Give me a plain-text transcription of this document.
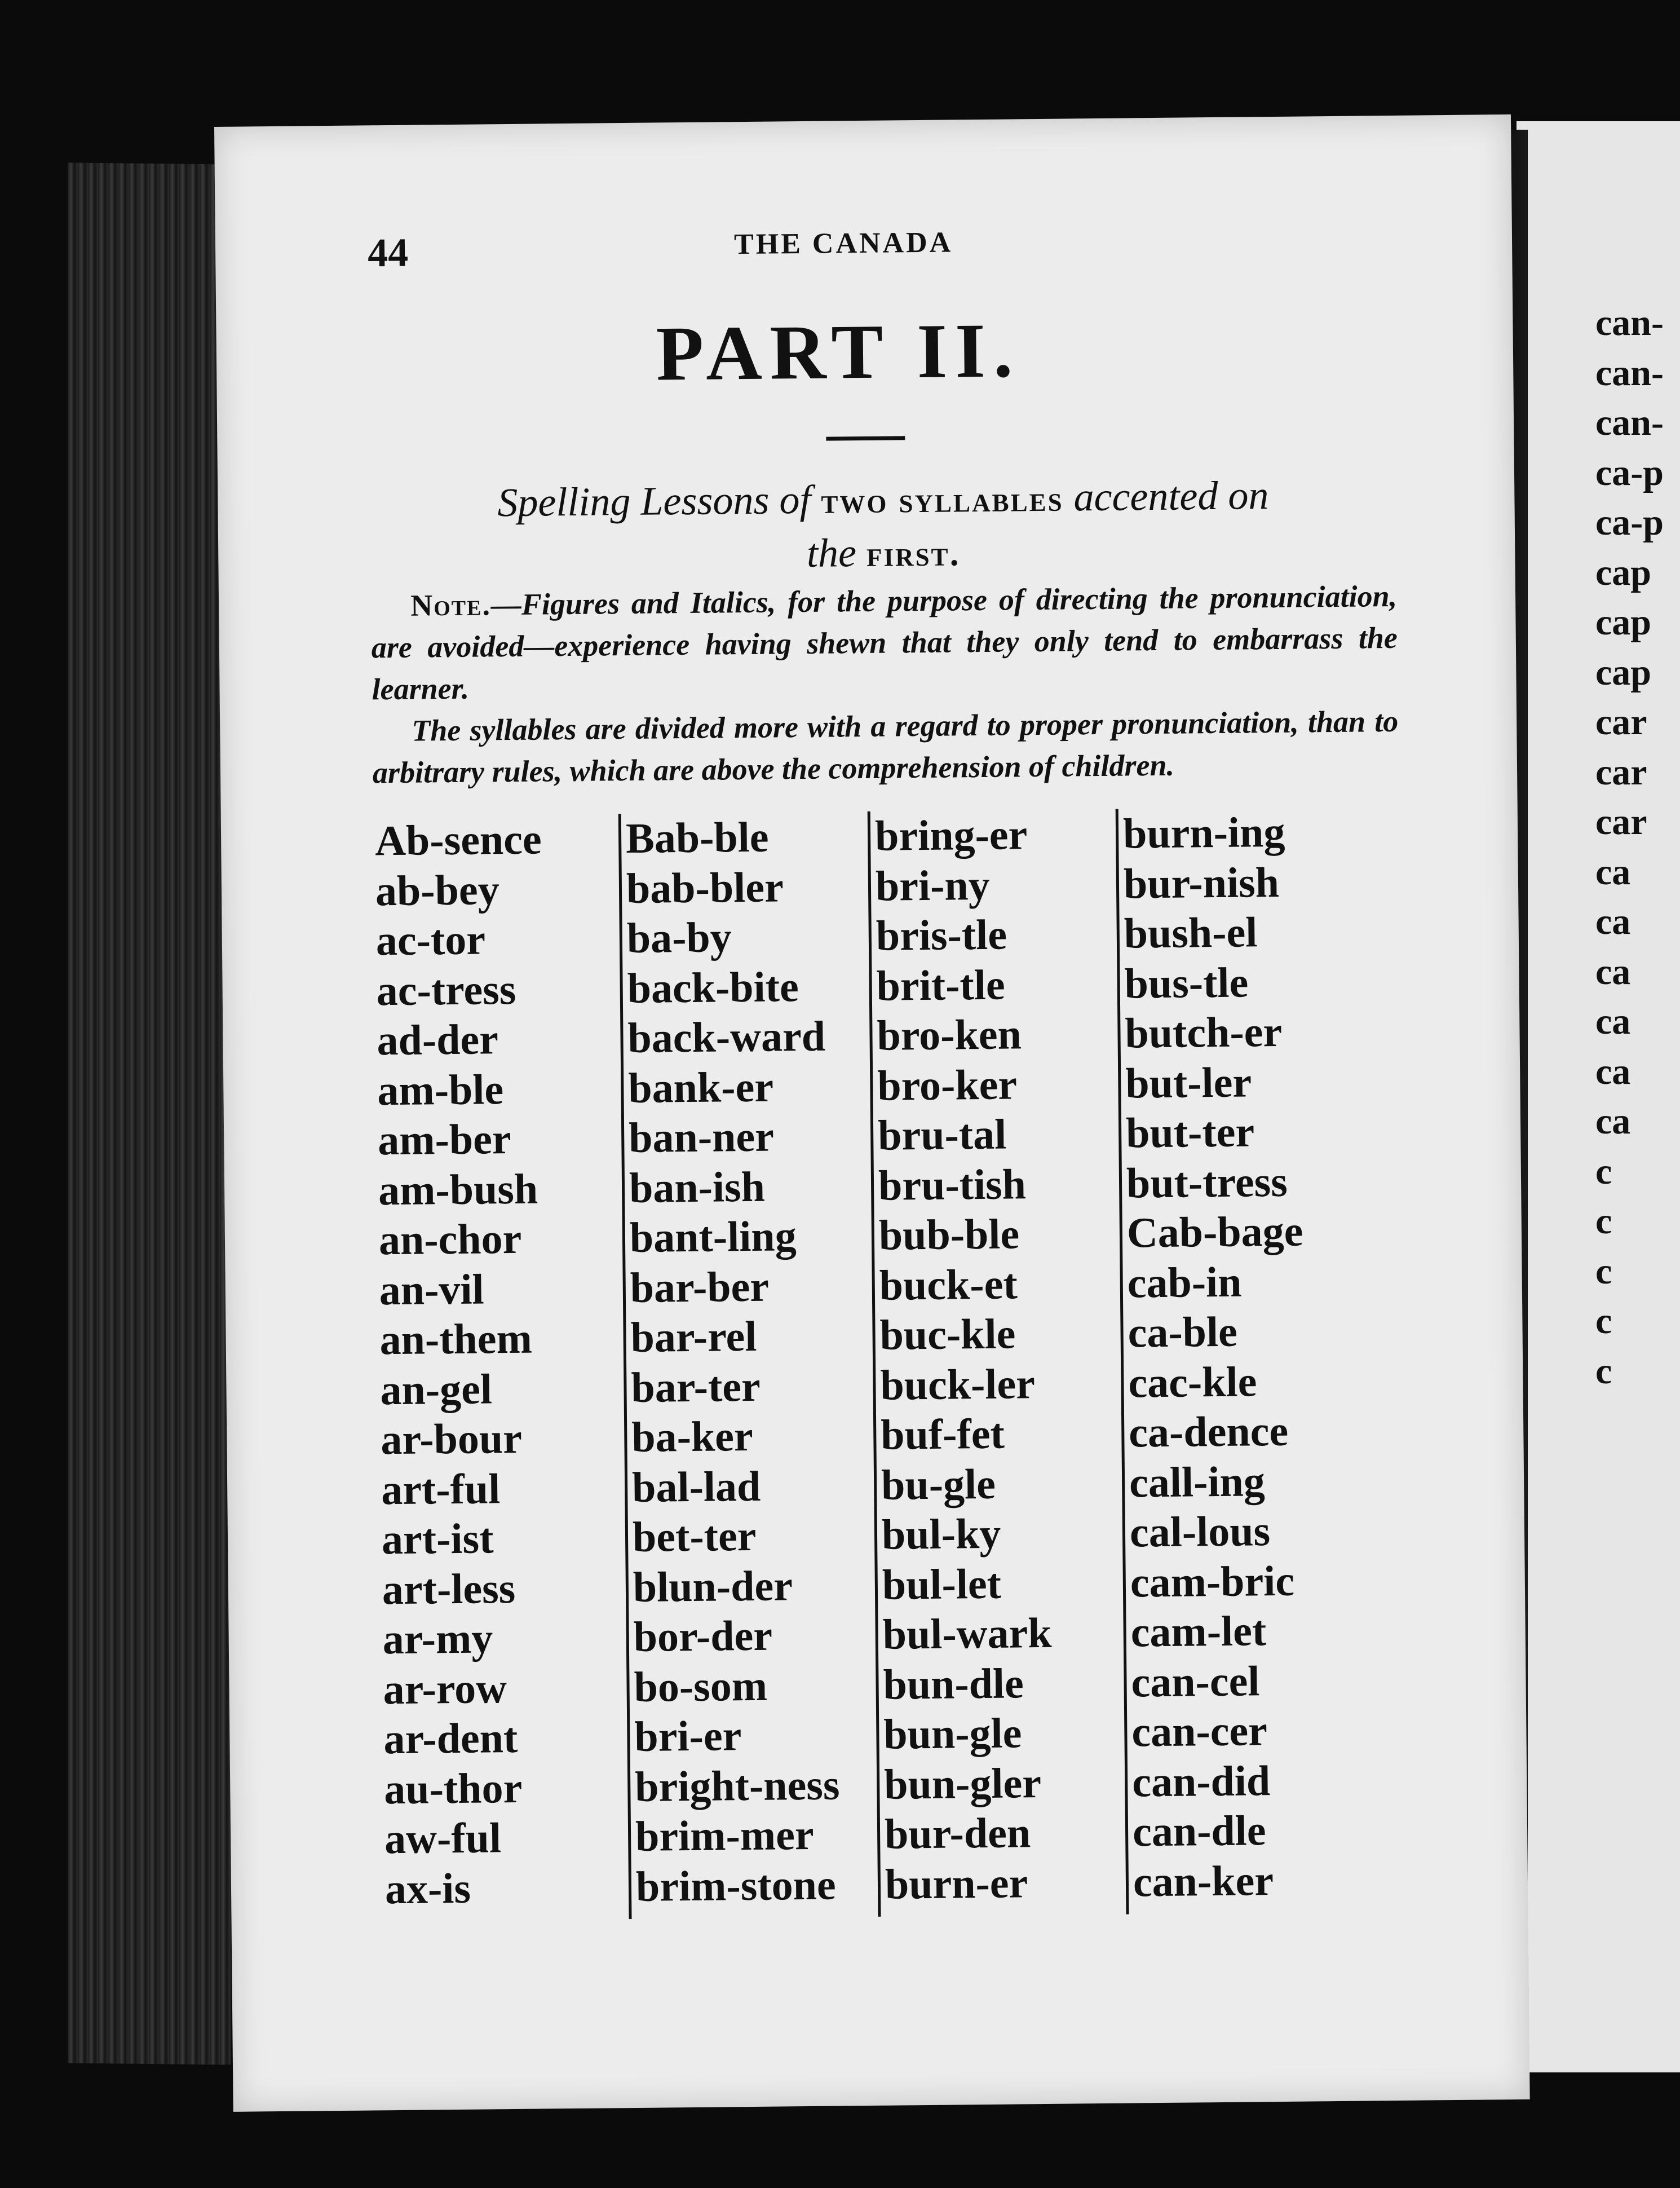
can-
can-
can-
ca-p
ca-p
cap
cap
cap
car
car
car
ca
ca
ca
ca
ca
ca
c
c
c
c
c
44	THE CANADA
PART II.
Spelling Lessons of two syllables accented on
the first.

Note.—Figures and Italics, for the purpose of directing the pronunciation, are avoided—experience having shewn that they only tend to embarrass the learner.

The syllables are divided more with a regard to proper pronunciation, than to arbitrary rules, which are above the comprehension of children.

Ab-sence
ab-bey
ac-tor
ac-tress
ad-der
am-ble
am-ber
am-bush
an-chor
an-vil
an-them
an-gel
ar-bour
art-ful
art-ist
art-less
ar-my
ar-row
ar-dent
au-thor
aw-ful
ax-is
Bab-ble
bab-bler
ba-by
back-bite
back-ward
bank-er
ban-ner
ban-ish
bant-ling
bar-ber
bar-rel
bar-ter
ba-ker
bal-lad
bet-ter
blun-der
bor-der
bo-som
bri-er
bright-ness
brim-mer
brim-stone
bring-er
bri-ny
bris-tle
brit-tle
bro-ken
bro-ker
bru-tal
bru-tish
bub-ble
buck-et
buc-kle
buck-ler
buf-fet
bu-gle
bul-ky
bul-let
bul-wark
bun-dle
bun-gle
bun-gler
bur-den
burn-er
burn-ing
bur-nish
bush-el
bus-tle
butch-er
but-ler
but-ter
but-tress
Cab-bage
cab-in
ca-ble
cac-kle
ca-dence
call-ing
cal-lous
cam-bric
cam-let
can-cel
can-cer
can-did
can-dle
can-ker
